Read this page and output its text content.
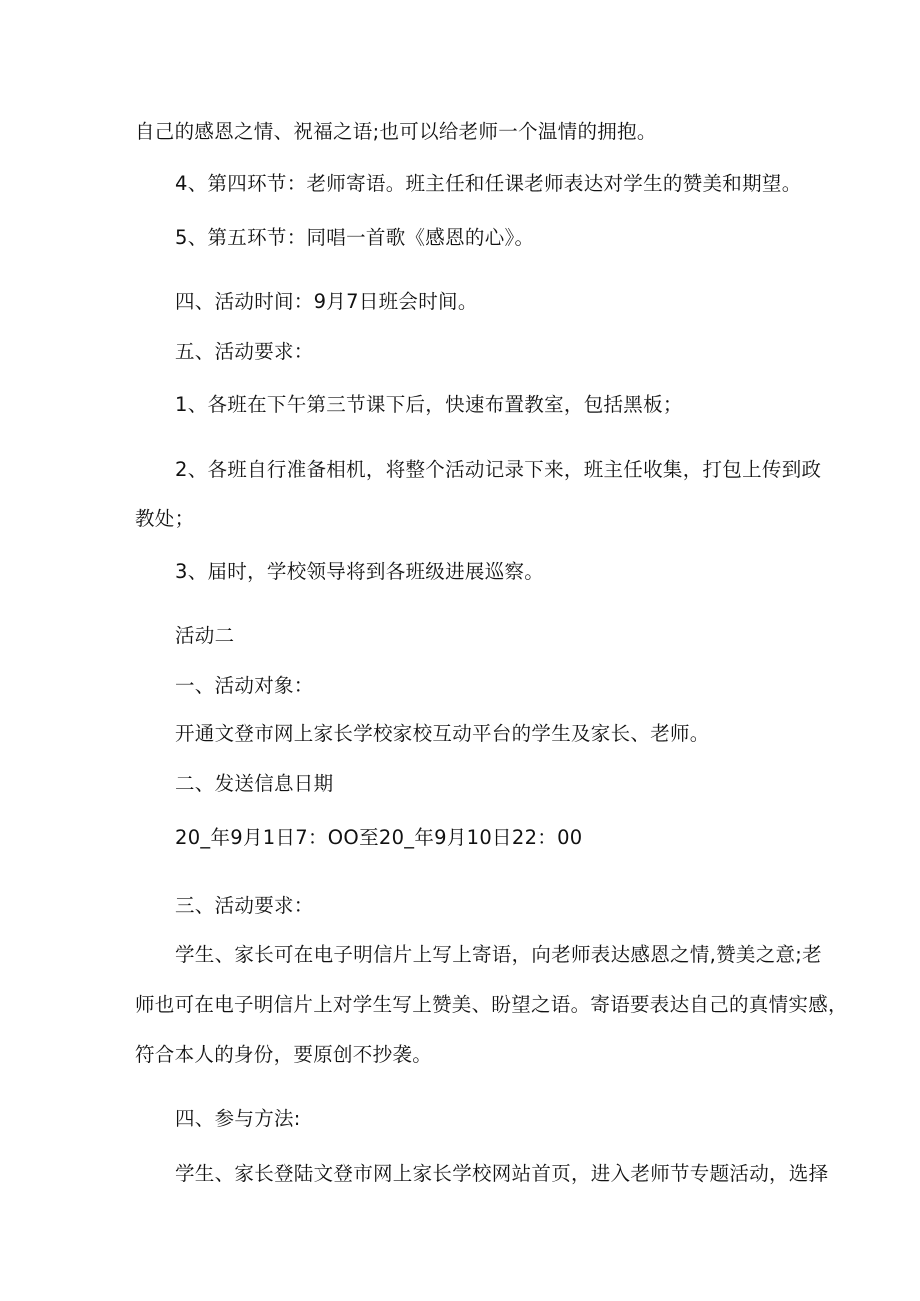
自己的感恩之情、祝福之语;也可以给老师一个温情的拥抱。
4、第四环节：老师寄语。班主任和任课老师表达对学生的赞美和期望。
5、第五环节：同唱一首歌《感恩的心》。
四、活动时间：9月7日班会时间。
五、活动要求：
1、各班在下午第三节课下后，快速布置教室，包括黑板；
2、各班自行准备相机，将整个活动记录下来，班主任收集，打包上传到政
教处；
3、届时，学校领导将到各班级进展巡察。
活动二
一、活动对象：
开通文登市网上家长学校家校互动平台的学生及家长、老师。
二、发送信息日期
20_年9月1日7：OO至20_年9月10日22：00
三、活动要求：
学生、家长可在电子明信片上写上寄语，向老师表达感恩之情,赞美之意;老
师也可在电子明信片上对学生写上赞美、盼望之语。寄语要表达自己的真情实感，
符合本人的身份，要原创不抄袭。
四、参与方法:
学生、家长登陆文登市网上家长学校网站首页，进入老师节专题活动，选择
